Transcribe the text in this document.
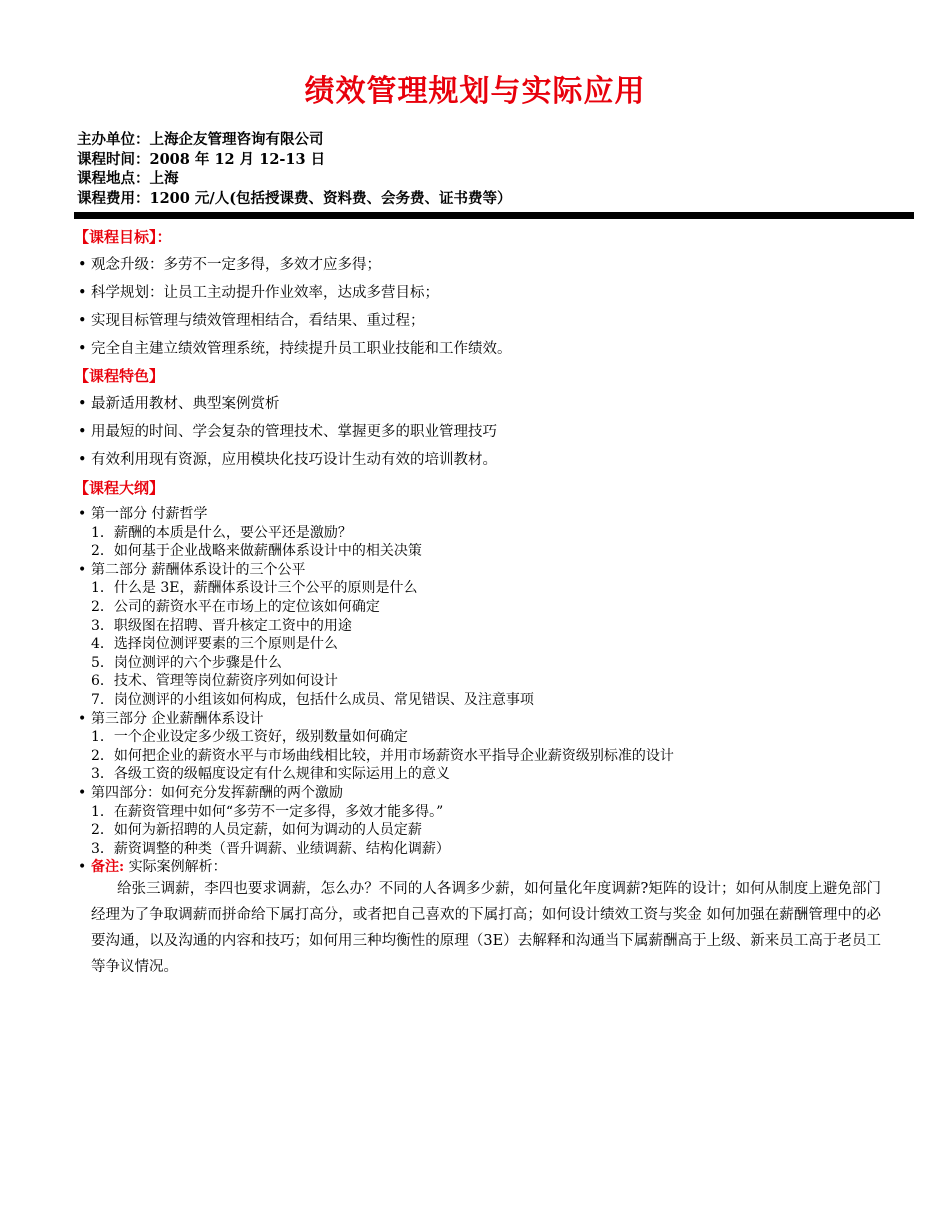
绩效管理规划与实际应用
主办单位：上海企友管理咨询有限公司
课程时间：2008 年 12 月 12-13 日
课程地点：上海
课程费用：1200 元/人(包括授课费、资料费、会务费、证书费等）
【课程目标】：
• 观念升级：多劳不一定多得，多效才应多得；
• 科学规划：让员工主动提升作业效率，达成多营目标；
• 实现目标管理与绩效管理相结合，看结果、重过程；
• 完全自主建立绩效管理系统，持续提升员工职业技能和工作绩效。
【课程特色】
• 最新适用教材、典型案例赏析
• 用最短的时间、学会复杂的管理技术、掌握更多的职业管理技巧
• 有效利用现有资源，应用模块化技巧设计生动有效的培训教材。
【课程大纲】
• 第一部分 付薪哲学
1．薪酬的本质是什么，要公平还是激励？
2．如何基于企业战略来做薪酬体系设计中的相关决策
• 第二部分 薪酬体系设计的三个公平
1．什么是 3E，薪酬体系设计三个公平的原则是什么
2．公司的薪资水平在市场上的定位该如何确定
3．职级图在招聘、晋升核定工资中的用途
4．选择岗位测评要素的三个原则是什么
5．岗位测评的六个步骤是什么
6．技术、管理等岗位薪资序列如何设计
7．岗位测评的小组该如何构成，包括什么成员、常见错误、及注意事项
• 第三部分 企业薪酬体系设计
1．一个企业设定多少级工资好，级别数量如何确定
2．如何把企业的薪资水平与市场曲线相比较，并用市场薪资水平指导企业薪资级别标准的设计
3．各级工资的级幅度设定有什么规律和实际运用上的意义
• 第四部分：如何充分发挥薪酬的两个激励
1．在薪资管理中如何“多劳不一定多得，多效才能多得。”
2．如何为新招聘的人员定薪，如何为调动的人员定薪
3．薪资调整的种类（晋升调薪、业绩调薪、结构化调薪）
• 备注: 实际案例解析：
给张三调薪，李四也要求调薪，怎么办？不同的人各调多少薪，如何量化年度调薪?矩阵的设计；如何从制度上避免部门经理为了争取调薪而拼命给下属打高分，或者把自己喜欢的下属打高；如何设计绩效工资与奖金 如何加强在薪酬管理中的必要沟通，以及沟通的内容和技巧；如何用三种均衡性的原理（3E）去解释和沟通当下属薪酬高于上级、新来员工高于老员工等争议情况。
